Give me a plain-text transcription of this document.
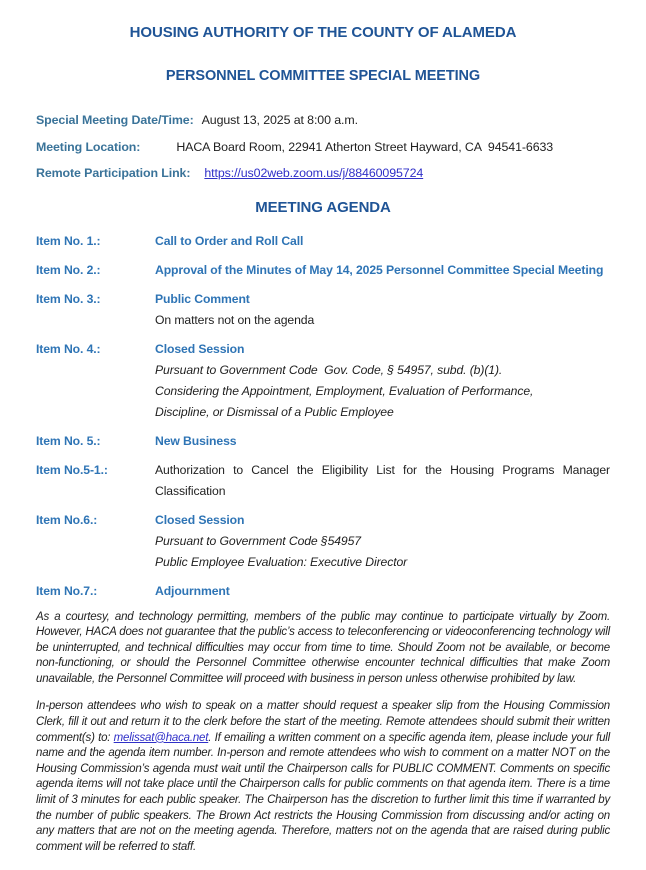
HOUSING AUTHORITY OF THE COUNTY OF ALAMEDA
PERSONNEL COMMITTEE SPECIAL MEETING
Special Meeting Date/Time: August 13, 2025 at 8:00 a.m.
Meeting Location:	HACA Board Room, 22941 Atherton Street Hayward, CA  94541-6633
Remote Participation Link: https://us02web.zoom.us/j/88460095724
MEETING AGENDA
Item No. 1.:	Call to Order and Roll Call
Item No. 2.:	Approval of the Minutes of May 14, 2025 Personnel Committee Special Meeting
Item No. 3.:	Public Comment
On matters not on the agenda
Item No. 4.:	Closed Session
Pursuant to Government Code  Gov. Code, § 54957, subd. (b)(1).
Considering the Appointment, Employment, Evaluation of Performance,
Discipline, or Dismissal of a Public Employee
Item No. 5.:	New Business
Item No.5-1.:	Authorization to Cancel the Eligibility List for the Housing Programs Manager Classification
Item No.6.:	Closed Session
Pursuant to Government Code §54957
Public Employee Evaluation: Executive Director
Item No.7.:	Adjournment

As a courtesy, and technology permitting, members of the public may continue to participate virtually by Zoom. However, HACA does not guarantee that the public’s access to teleconferencing or videoconferencing technology will be uninterrupted, and technical difficulties may occur from time to time. Should Zoom not be available, or become non-functioning, or should the Personnel Committee otherwise encounter technical difficulties that make Zoom unavailable, the Personnel Committee will proceed with business in person unless otherwise prohibited by law.

In-person attendees who wish to speak on a matter should request a speaker slip from the Housing Commission Clerk, fill it out and return it to the clerk before the start of the meeting. Remote attendees should submit their written comment(s) to: melissat@haca.net. If emailing a written comment on a specific agenda item, please include your full name and the agenda item number. In-person and remote attendees who wish to comment on a matter NOT on the Housing Commission’s agenda must wait until the Chairperson calls for PUBLIC COMMENT. Comments on specific agenda items will not take place until the Chairperson calls for public comments on that agenda item. There is a time limit of 3 minutes for each public speaker. The Chairperson has the discretion to further limit this time if warranted by the number of public speakers. The Brown Act restricts the Housing Commission from discussing and/or acting on any matters that are not on the meeting agenda. Therefore, matters not on the agenda that are raised during public comment will be referred to staff.
